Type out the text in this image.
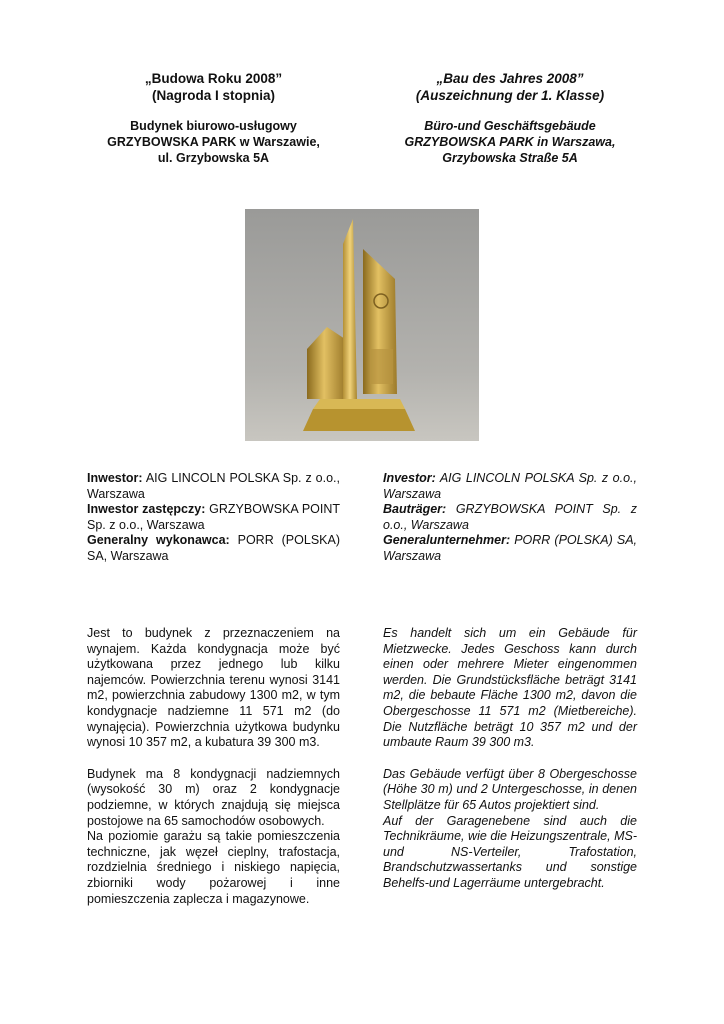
„Budowa Roku 2008”
(Nagroda I stopnia)
Budynek biurowo-usługowy
GRZYBOWSKA PARK w Warszawie,
ul. Grzybowska 5A
„Bau des Jahres 2008”
(Auszeichnung der 1. Klasse)
Büro-und Geschäftsgebäude
GRZYBOWSKA PARK in Warszawa,
Grzybowska Straße 5A

Inwestor: AIG LINCOLN POLSKA Sp. z o.o., Warszawa

Inwestor zastępczy: GRZYBOWSKA POINT Sp. z o.o., Warszawa

Generalny wykonawca: PORR (POLSKA) SA, Warszawa

Investor: AIG LINCOLN POLSKA Sp. z o.o., Warszawa

Bauträger: GRZYBOWSKA POINT Sp. z o.o., Warszawa

Generalunternehmer: PORR (POLSKA) SA, Warszawa

Jest to budynek z przeznaczeniem na wynajem. Każda kondygnacja może być użytkowana przez jednego lub kilku najemców. Powierzchnia terenu wynosi 3141 m2, powierzchnia zabudowy 1300 m2, w tym kondygnacje nadziemne 11 571 m2 (do wynajęcia). Powierzchnia użytkowa budynku wynosi 10 357 m2, a kubatura 39 300 m3.

Budynek ma 8 kondygnacji nadziemnych (wysokość 30 m) oraz 2 kondygnacje podziemne, w których znajdują się miejsca postojowe na 65 samochodów osobowych.

Na poziomie garażu są takie pomieszczenia techniczne, jak węzeł cieplny, trafostacja, rozdzielnia średniego i niskiego napięcia, zbiorniki wody pożarowej i inne pomieszczenia zaplecza i magazynowe.

Es handelt sich um ein Gebäude für Mietzwecke. Jedes Geschoss kann durch einen oder mehrere Mieter eingenommen werden. Die Grundstücksfläche beträgt 3141 m2, die bebaute Fläche 1300 m2, davon die Obergeschosse 11 571 m2 (Mietbereiche). Die Nutzfläche beträgt 10 357 m2 und der umbaute Raum 39 300 m3.

Das Gebäude verfügt über 8 Obergeschosse (Höhe 30 m) und 2 Untergeschosse, in denen Stellplätze für 65 Autos projektiert sind.

Auf der Garagenebene sind auch die Technikräume, wie die Heizungszentrale, MS-und NS-Verteiler, Trafostation, Brandschutzwassertanks und sonstige Behelfs-und Lagerräume untergebracht.
